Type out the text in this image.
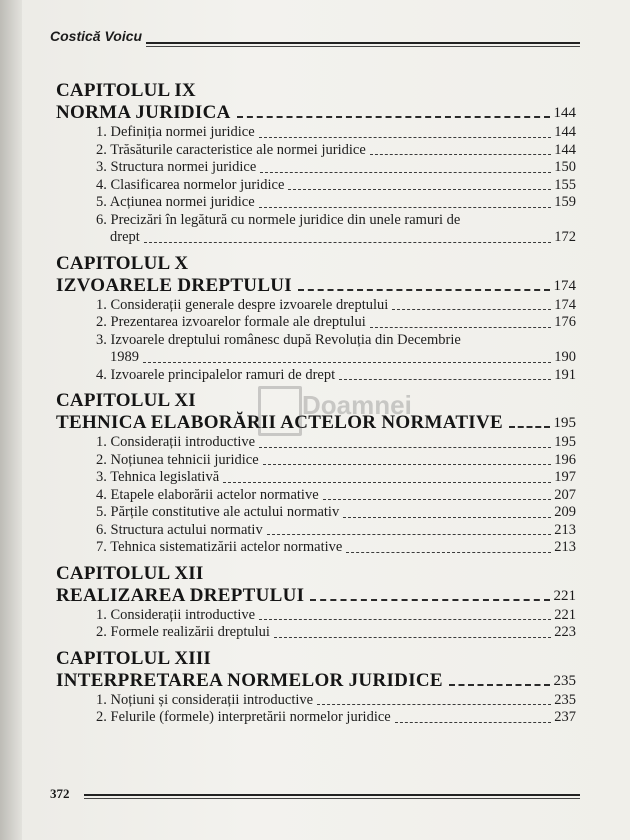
Costică Voicu
CAPITOLUL IX
NORMA JURIDICA	144
1. Definiția normei juridice	144
2. Trăsăturile caracteristice ale normei juridice	144
3. Structura normei juridice	150
4. Clasificarea normelor juridice	155
5. Acțiunea normei juridice	159
6. Precizări în legătură cu normele juridice din unele ramuri de
drept	172
CAPITOLUL X
IZVOARELE DREPTULUI	174
1. Considerații generale despre izvoarele dreptului	174
2. Prezentarea izvoarelor formale ale dreptului	176
3. Izvoarele dreptului românesc după Revoluția din Decembrie
1989	190
4. Izvoarele principalelor ramuri de drept	191
CAPITOLUL XI
TEHNICA ELABORĂRII ACTELOR NORMATIVE	195
1. Considerații introductive	195
2. Noțiunea tehnicii juridice	196
3. Tehnica legislativă	197
4. Etapele elaborării actelor normative	207
5. Părțile constitutive ale actului normativ	209
6. Structura actului normativ	213
7. Tehnica sistematizării actelor normative	213
CAPITOLUL XII
REALIZAREA DREPTULUI	221
1. Considerații introductive	221
2. Formele realizării dreptului	223
CAPITOLUL XIII
INTERPRETAREA NORMELOR JURIDICE	235
1. Noțiuni și considerații introductive	235
2. Felurile (formele) interpretării normelor juridice	237
Doamnei
372
